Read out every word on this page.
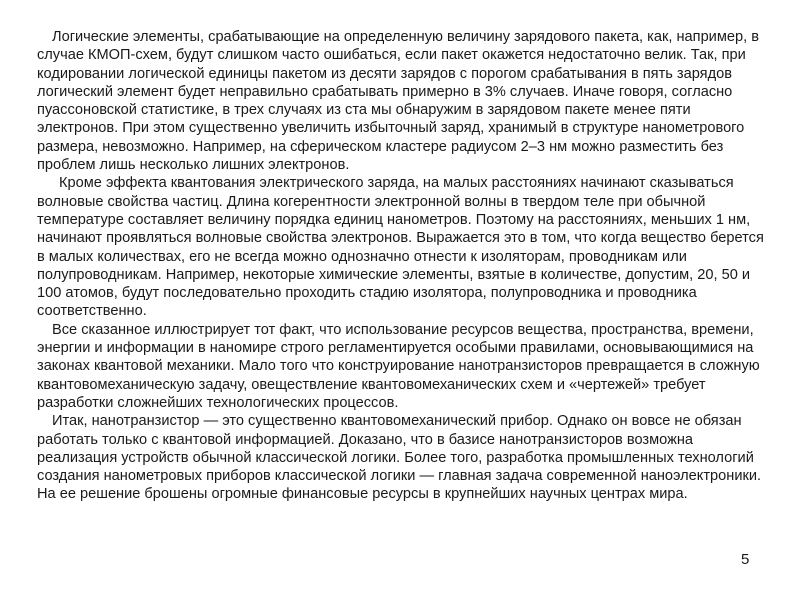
Логические элементы, срабатывающие на определенную величину зарядового пакета, как, например, в случае КМОП-схем, будут слишком часто ошибаться, если пакет окажется недостаточно велик. Так, при кодировании логической единицы пакетом из десяти зарядов с порогом срабатывания в пять зарядов логический элемент будет неправильно срабатывать примерно в 3% случаев. Иначе говоря, согласно пуассоновской статистике, в трех случаях из ста мы обнаружим в зарядовом пакете менее пяти электронов. При этом существенно увеличить избыточный заряд, хранимый в структуре нанометрового размера, невозможно. Например, на сферическом кластере радиусом 2–3 нм можно разместить без проблем лишь несколько лишних электронов.

Кроме эффекта квантования электрического заряда, на малых расстояниях начинают сказываться волновые свойства частиц. Длина когерентности электронной волны в твердом теле при обычной температуре составляет величину порядка единиц нанометров. Поэтому на расстояниях, меньших 1 нм, начинают проявляться волновые свойства электронов. Выражается это в том, что когда вещество берется в малых количествах, его не всегда можно однозначно отнести к изоляторам, проводникам или полупроводникам. Например, некоторые химические элементы, взятые в количестве, допустим, 20, 50 и 100 атомов, будут последовательно проходить стадию изолятора, полупроводника и проводника соответственно.

Все сказанное иллюстрирует тот факт, что использование ресурсов вещества, пространства, времени, энергии и информации в наномире строго регламентируется особыми правилами, основывающимися на законах квантовой механики. Мало того что конструирование нанотранзисторов превращается в сложную квантовомеханическую задачу, овеществление квантовомеханических схем и «чертежей» требует разработки сложнейших технологических процессов.

Итак, нанотранзистор — это существенно квантовомеханический прибор. Однако он вовсе не обязан работать только с квантовой информацией. Доказано, что в базисе нанотранзисторов возможна реализация устройств обычной классической логики. Более того, разработка промышленных технологий создания нанометровых приборов классической логики — главная задача современной наноэлектроники. На ее решение брошены огромные финансовые ресурсы в крупнейших научных центрах мира.

5
